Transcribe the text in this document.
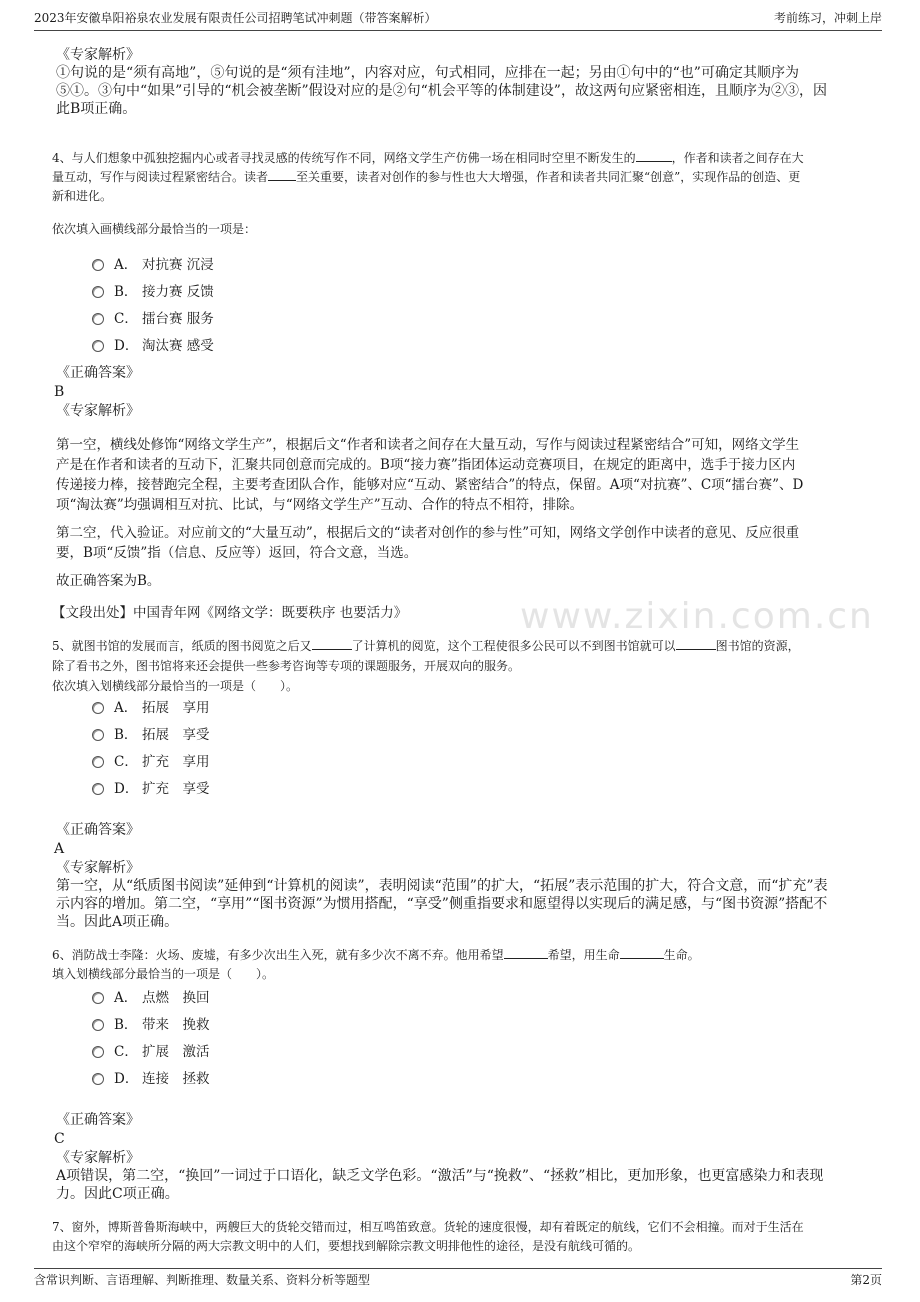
www.zixin.com.cn
2023年安徽阜阳裕泉农业发展有限责任公司招聘笔试冲刺题（带答案解析）	考前练习，冲刺上岸
《专家解析》
①句说的是“须有高地”，⑤句说的是“须有洼地”，内容对应，句式相同，应排在一起；另由①句中的“也”可确定其顺序为
⑤①。③句中“如果”引导的“机会被垄断”假设对应的是②句“机会平等的体制建设”，故这两句应紧密相连，且顺序为②③，因
此B项正确。
4、与人们想象中孤独挖掘内心或者寻找灵感的传统写作不同，网络文学生产仿佛一场在相同时空里不断发生的	，作者和读者之间存在大
量互动，写作与阅读过程紧密结合。读者 至关重要，读者对创作的参与性也大大增强，作者和读者共同汇聚“创意”，实现作品的创造、更
新和进化。
依次填入画横线部分最恰当的一项是：
A． 对抗赛 沉浸
B． 接力赛 反馈
C． 擂台赛 服务
D． 淘汰赛 感受
《正确答案》
B
《专家解析》
第一空，横线处修饰“网络文学生产”，根据后文“作者和读者之间存在大量互动，写作与阅读过程紧密结合”可知，网络文学生
产是在作者和读者的互动下，汇聚共同创意而完成的。B项“接力赛”指团体运动竞赛项目，在规定的距离中，选手于接力区内
传递接力棒，接替跑完全程，主要考查团队合作，能够对应“互动、紧密结合”的特点，保留。A项“对抗赛”、C项“擂台赛”、D
项“淘汰赛”均强调相互对抗、比试，与“网络文学生产”互动、合作的特点不相符，排除。
第二空，代入验证。对应前文的“大量互动”，根据后文的“读者对创作的参与性”可知，网络文学创作中读者的意见、反应很重
要，B项“反馈”指（信息、反应等）返回，符合文意，当选。
故正确答案为B。
【文段出处】中国青年网《网络文学：既要秩序 也要活力》
5、就图书馆的发展而言，纸质的图书阅览之后又	了计算机的阅览，这个工程使很多公民可以不到图书馆就可以	图书馆的资源，
除了看书之外，图书馆将来还会提供一些参考咨询等专项的课题服务，开展双向的服务。
依次填入划横线部分最恰当的一项是（　　）。
A． 拓展　享用
B． 拓展　享受
C． 扩充　享用
D． 扩充　享受
《正确答案》
A
《专家解析》
第一空，从“纸质图书阅读”延伸到“计算机的阅读”，表明阅读“范围”的扩大，“拓展”表示范围的扩大，符合文意，而“扩充”表
示内容的增加。第二空，“享用”“图书资源”为惯用搭配，“享受”侧重指要求和愿望得以实现后的满足感，与“图书资源”搭配不
当。因此A项正确。
6、消防战士李隆：火场、废墟，有多少次出生入死，就有多少次不离不弃。他用希望	希望，用生命	生命。
填入划横线部分最恰当的一项是（　　）。
A． 点燃　换回
B． 带来　挽救
C． 扩展　激活
D． 连接　拯救
《正确答案》
C
《专家解析》
A项错误，第二空，“换回”一词过于口语化，缺乏文学色彩。“激活”与“挽救”、“拯救”相比，更加形象，也更富感染力和表现
力。因此C项正确。
7、窗外，博斯普鲁斯海峡中，两艘巨大的货轮交错而过，相互鸣笛致意。货轮的速度很慢，却有着既定的航线，它们不会相撞。而对于生活在
由这个窄窄的海峡所分隔的两大宗教文明中的人们，要想找到解除宗教文明排他性的途径，是没有航线可循的。
含常识判断、言语理解、判断推理、数量关系、资料分析等题型	第2页
